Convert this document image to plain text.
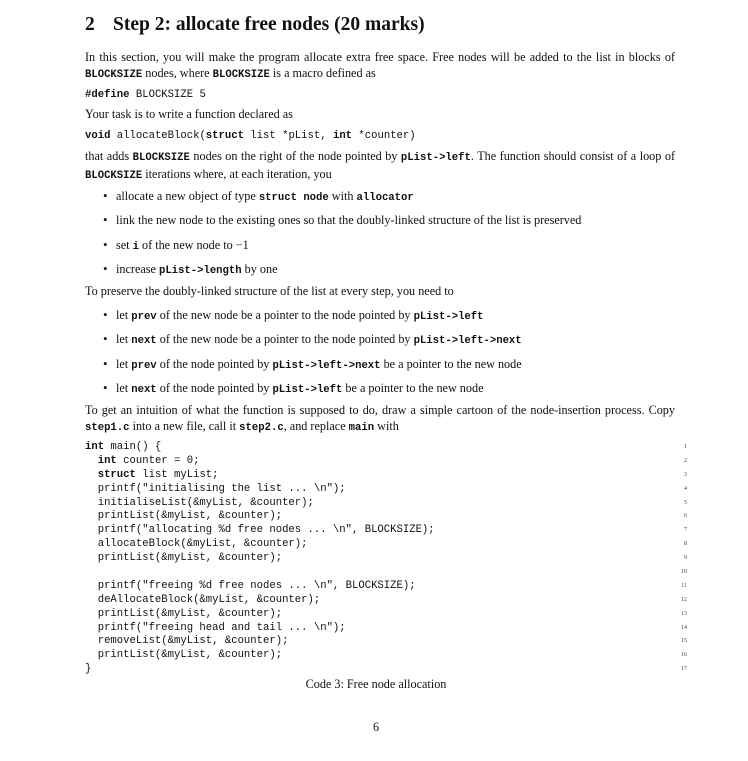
2 Step 2: allocate free nodes (20 marks)
In this section, you will make the program allocate extra free space. Free nodes will be added to the list in blocks of BLOCKSIZE nodes, where BLOCKSIZE is a macro defined as
#define BLOCKSIZE 5
Your task is to write a function declared as
void allocateBlock(struct list *pList, int *counter)
that adds BLOCKSIZE nodes on the right of the node pointed by pList->left. The function should consist of a loop of BLOCKSIZE iterations where, at each iteration, you
• allocate a new object of type struct node with allocator
• link the new node to the existing ones so that the doubly-linked structure of the list is preserved
• set i of the new node to −1
• increase pList->length by one
To preserve the doubly-linked structure of the list at every step, you need to
• let prev of the new node be a pointer to the node pointed by pList->left
• let next of the new node be a pointer to the node pointed by pList->left->next
• let prev of the node pointed by pList->left->next be a pointer to the new node
• let next of the node pointed by pList->left be a pointer to the new node
To get an intuition of what the function is supposed to do, draw a simple cartoon of the node-insertion process. Copy step1.c into a new file, call it step2.c, and replace main with
int main() {	1
int counter = 0;	2
struct list myList;	3
printf("initialising the list ... \n");	4
initialiseList(&myList, &counter);	5
printList(&myList, &counter);	6
printf("allocating %d free nodes ... \n", BLOCKSIZE);	7
allocateBlock(&myList, &counter);	8
printList(&myList, &counter);	9
10
printf("freeing %d free nodes ... \n", BLOCKSIZE);	11
deAllocateBlock(&myList, &counter);	12
printList(&myList, &counter);	13
printf("freeing head and tail ... \n");	14
removeList(&myList, &counter);	15
printList(&myList, &counter);	16
}	17
Code 3: Free node allocation
6
